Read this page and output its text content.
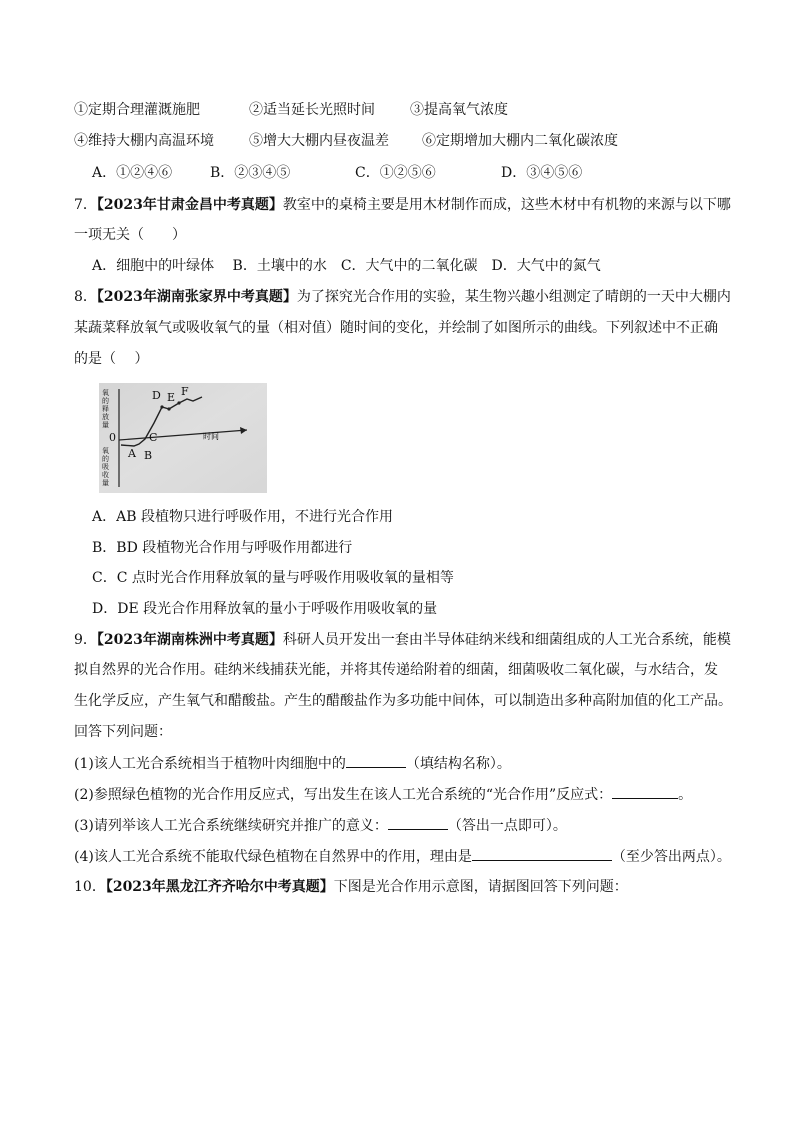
①定期合理灌溉施肥	②适当延长光照时间	③提高氧气浓度
④维持大棚内高温环境	⑤增大大棚内昼夜温差 ⑥定期增加大棚内二氧化碳浓度
A．①②④⑥	B．②③④⑤	C．①②⑤⑥	D．③④⑤⑥
7．【2023年甘肃金昌中考真题】教室中的桌椅主要是用木材制作而成，这些木材中有机物的来源与以下哪
一项无关（　　）
A．细胞中的叶绿体　 B．土壤中的水　C．大气中的二氧化碳　D．大气中的氮气
8．【2023年湖南张家界中考真题】为了探究光合作用的实验，某生物兴趣小组测定了晴朗的一天中大棚内
某蔬菜释放氧气或吸收氧气的量（相对值）随时间的变化，并绘制了如图所示的曲线。下列叙述中不正确
的是（　 ）
氧的释放量
氧的吸收量
时间
0
A B
C
D E F
A．AB 段植物只进行呼吸作用，不进行光合作用
B．BD 段植物光合作用与呼吸作用都进行
C．C 点时光合作用释放氧的量与呼吸作用吸收氧的量相等
D．DE 段光合作用释放氧的量小于呼吸作用吸收氧的量
9．【2023年湖南株洲中考真题】科研人员开发出一套由半导体硅纳米线和细菌组成的人工光合系统，能模
拟自然界的光合作用。硅纳米线捕获光能，并将其传递给附着的细菌，细菌吸收二氧化碳，与水结合，发
生化学反应，产生氧气和醋酸盐。产生的醋酸盐作为多功能中间体，可以制造出多种高附加值的化工产品。
回答下列问题：
(1)该人工光合系统相当于植物叶肉细胞中的	（填结构名称）。
(2)参照绿色植物的光合作用反应式，写出发生在该人工光合系统的“光合作用”反应式：	。
(3)请列举该人工光合系统继续研究并推广的意义：	（答出一点即可）。
(4)该人工光合系统不能取代绿色植物在自然界中的作用，理由是	（至少答出两点）。
10．【2023年黑龙江齐齐哈尔中考真题】下图是光合作用示意图，请据图回答下列问题：
